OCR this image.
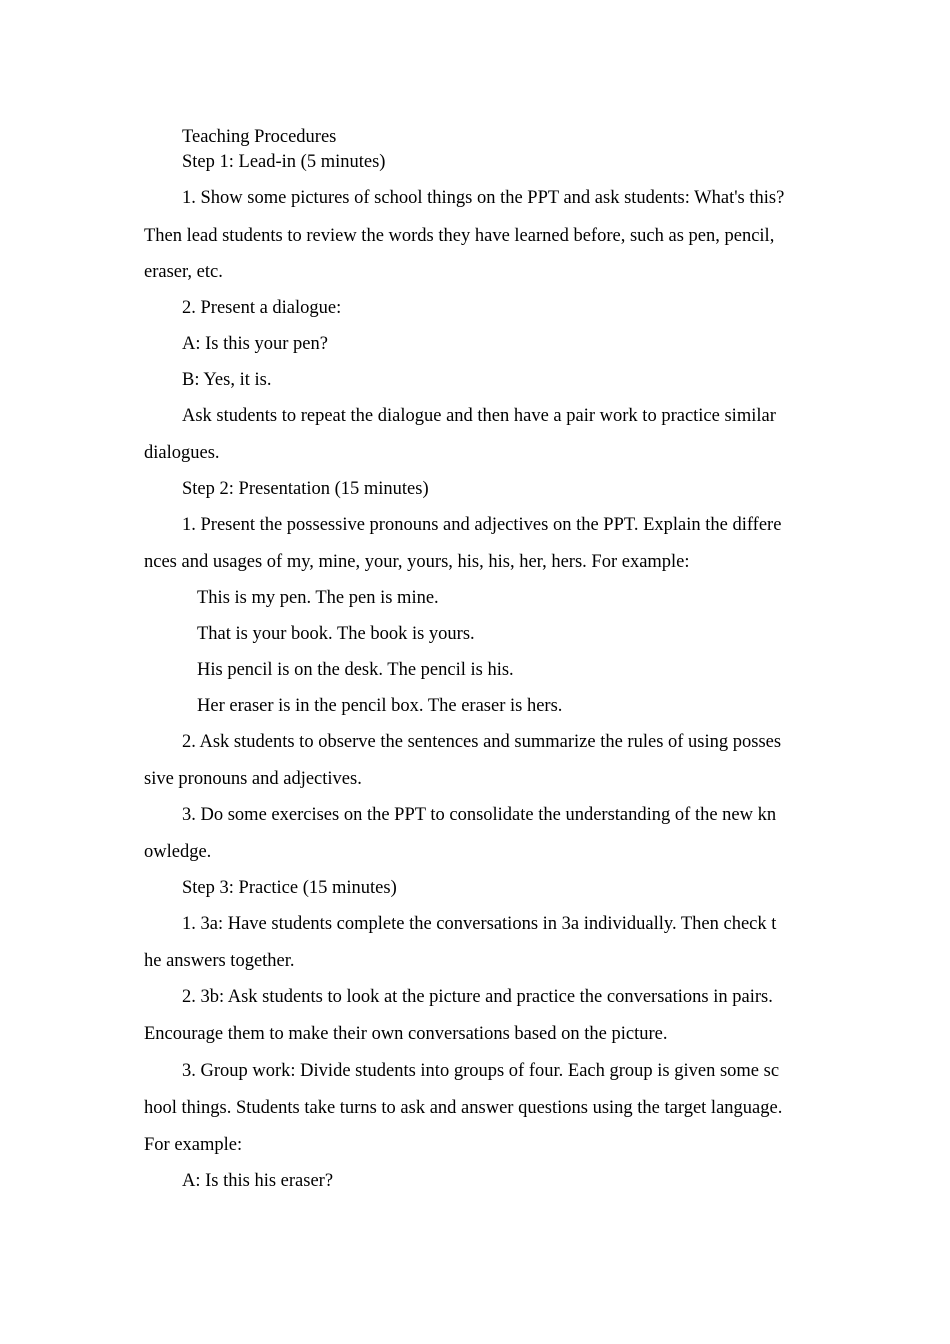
Teaching Procedures
Step 1: Lead-in (5 minutes)
1. Show some pictures of school things on the PPT and ask students: What's this?
Then lead students to review the words they have learned before, such as pen, pencil,
eraser, etc.
2. Present a dialogue:
A: Is this your pen?
B: Yes, it is.
Ask students to repeat the dialogue and then have a pair work to practice similar
dialogues.
Step 2: Presentation (15 minutes)
1. Present the possessive pronouns and adjectives on the PPT. Explain the differe
nces and usages of my, mine, your, yours, his, his, her, hers. For example:
This is my pen. The pen is mine.
That is your book. The book is yours.
His pencil is on the desk. The pencil is his.
Her eraser is in the pencil box. The eraser is hers.
2. Ask students to observe the sentences and summarize the rules of using posses
sive pronouns and adjectives.
3. Do some exercises on the PPT to consolidate the understanding of the new kn
owledge.
Step 3: Practice (15 minutes)
1. 3a: Have students complete the conversations in 3a individually. Then check t
he answers together.
2. 3b: Ask students to look at the picture and practice the conversations in pairs.
Encourage them to make their own conversations based on the picture.
3. Group work: Divide students into groups of four. Each group is given some sc
hool things. Students take turns to ask and answer questions using the target language.
For example:
A: Is this his eraser?
